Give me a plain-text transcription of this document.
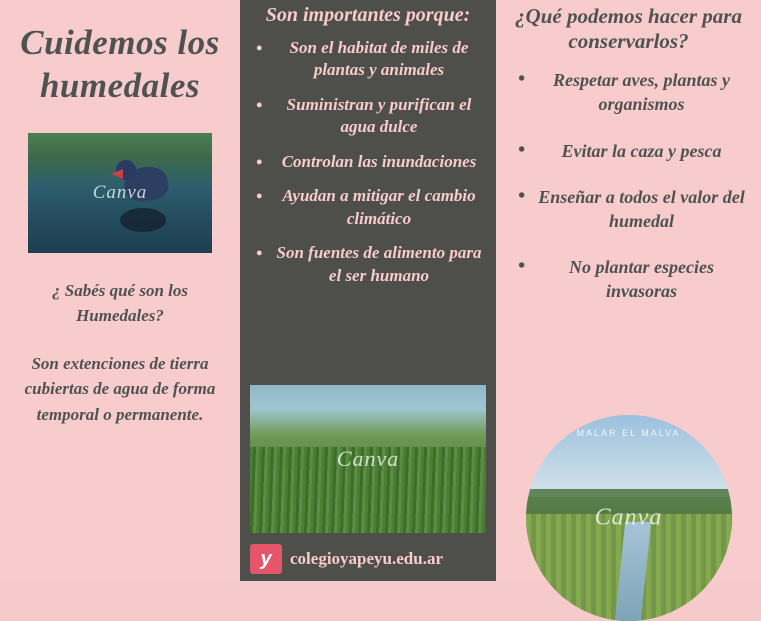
Cuidemos los humedales
Canva
¿ Sabés qué son los Humedales?
Son extenciones de tierra cubiertas de agua de forma temporal o permanente.
Son importantes porque:
• Son el habitat de miles de plantas y animales
• Suministran y purifican el agua dulce
• Controlan las inundaciones
• Ayudan a mitigar el cambio climático
• Son fuentes de alimento para el ser humano
Canva
y	colegioyapeyu.edu.ar
¿Qué podemos hacer para conservarlos?
• Respetar aves, plantas y organismos
• Evitar la caza y pesca
• Enseñar a todos el valor del humedal
• No plantar especies invasoras
MALAR EL MALVA
Canva
